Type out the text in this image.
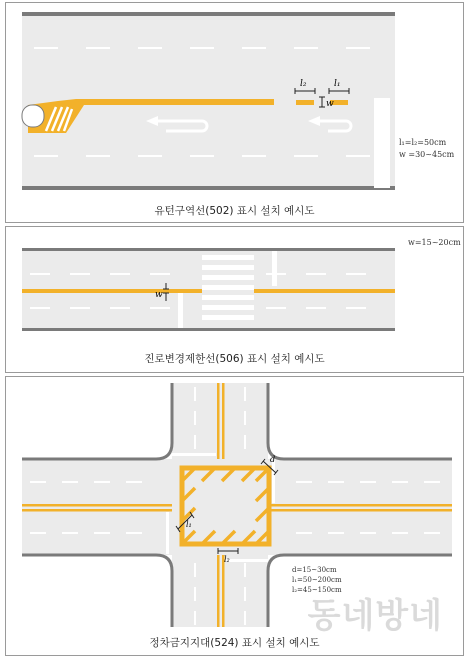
l₂	l₁
w
l₁=l₂=50cm
w =30~45cm
유턴구역선(502) 표시 설치 예시도
w
w=15~20cm
진로변경제한선(506) 표시 설치 예시도
d
l₁
l₂
d=15~30cm
l₁=50~200cm
l₂=45~150cm
동네방네
정차금지지대(524) 표시 설치 예시도
